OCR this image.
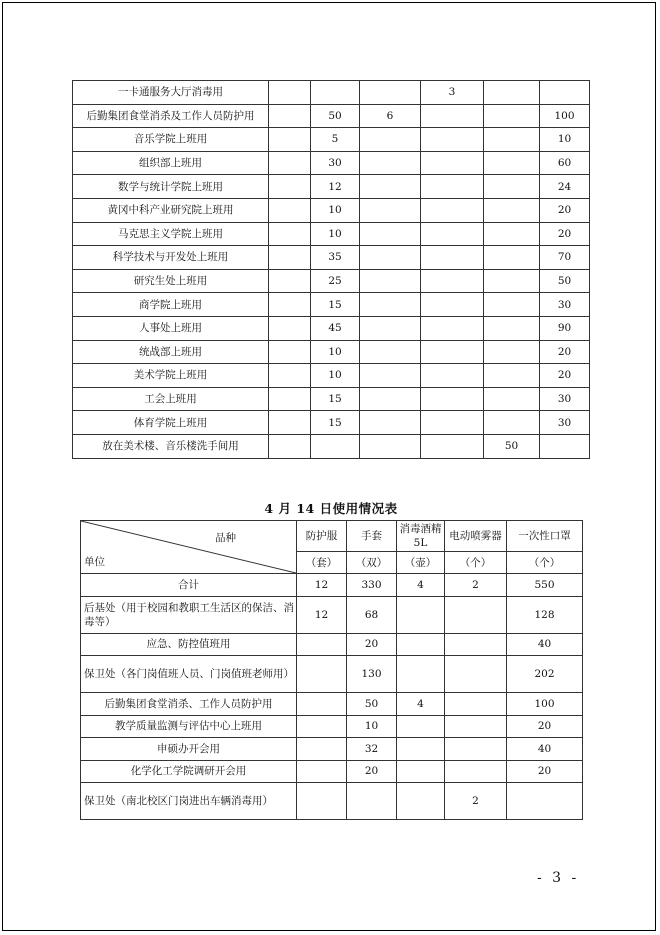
一卡通服务大厅消毒用				3		
后勤集团食堂消杀及工作人员防护用		50	6			100
音乐学院上班用		5				10
组织部上班用		30				60
数学与统计学院上班用		12				24
黄冈中科产业研究院上班用		10				20
马克思主义学院上班用		10				20
科学技术与开发处上班用		35				70
研究生处上班用		25				50
商学院上班用		15				30
人事处上班用		45				90
统战部上班用		10				20
美术学院上班用		10				20
工会上班用		15				30
体育学院上班用		15				30
放在美术楼、音乐楼洗手间用					50	
4 月 14 日使用情况表
品种
单位	防护服	手套	消毒酒精 5L	电动喷雾器	一次性口罩
	（套）	（双）	（壶）	（个）	（个）
合计	12	330	4	2	550
后基处（用于校园和教职工生活区的保洁、消毒等）	12	68			128
应急、防控值班用		20			40
保卫处（各门岗值班人员、门岗值班老师用）		130			202
后勤集团食堂消杀、工作人员防护用		50	4		100
教学质量监测与评估中心上班用		10			20
申硕办开会用		32			40
化学化工学院调研开会用		20			20
保卫处（南北校区门岗进出车辆消毒用）				2	
- 3 -
